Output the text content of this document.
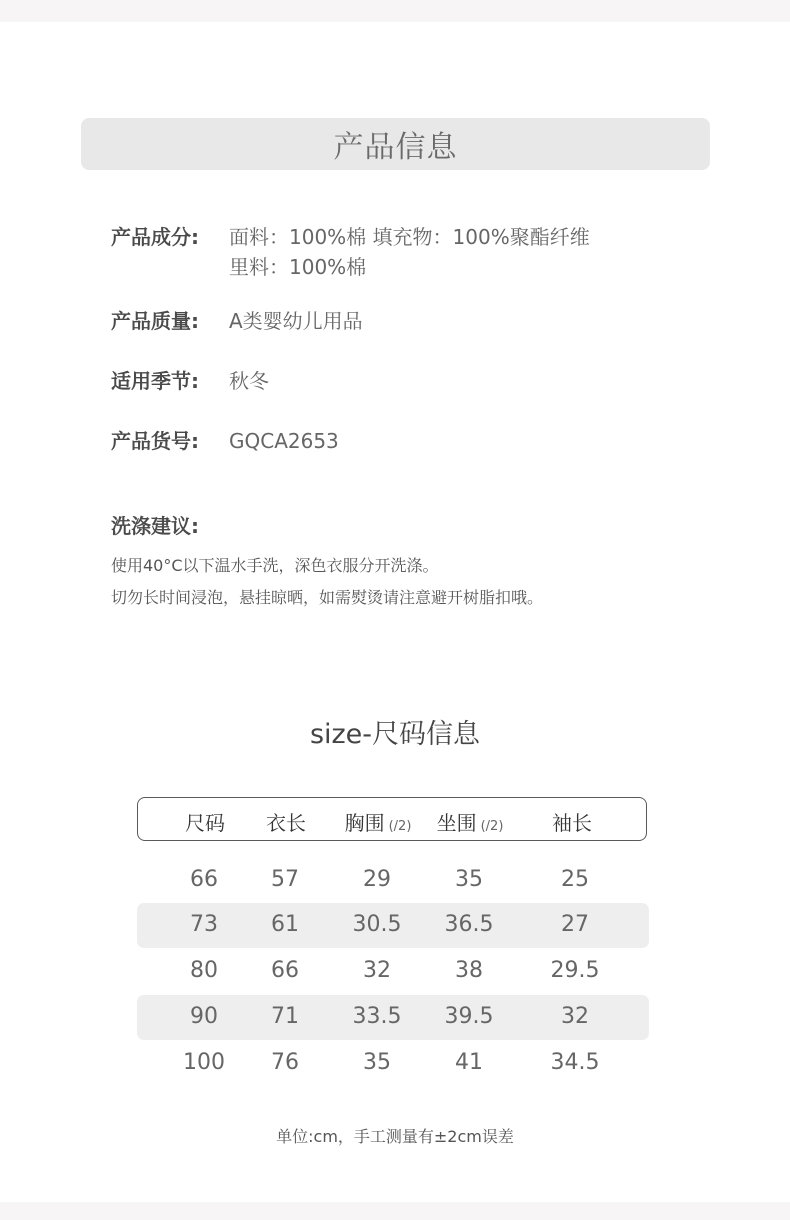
产品信息
产品成分:	面料：100%棉 填充物：100%聚酯纤维
里料：100%棉
产品质量:	A类婴幼儿用品
适用季节:	秋冬
产品货号:	GQCA2653
洗涤建议:
使用40°C以下温水手洗，深色衣服分开洗涤。
切勿长时间浸泡，悬挂晾晒，如需熨烫请注意避开树脂扣哦。
size-尺码信息
尺码 衣长 胸围 (/2) 坐围 (/2) 袖长
66 57	29	35	25
73 61 30.5 36.5	27
80 66	32	38	29.5
90 71 33.5 39.5	32
100 76	35	41	34.5
单位:cm，手工测量有±2cm误差
